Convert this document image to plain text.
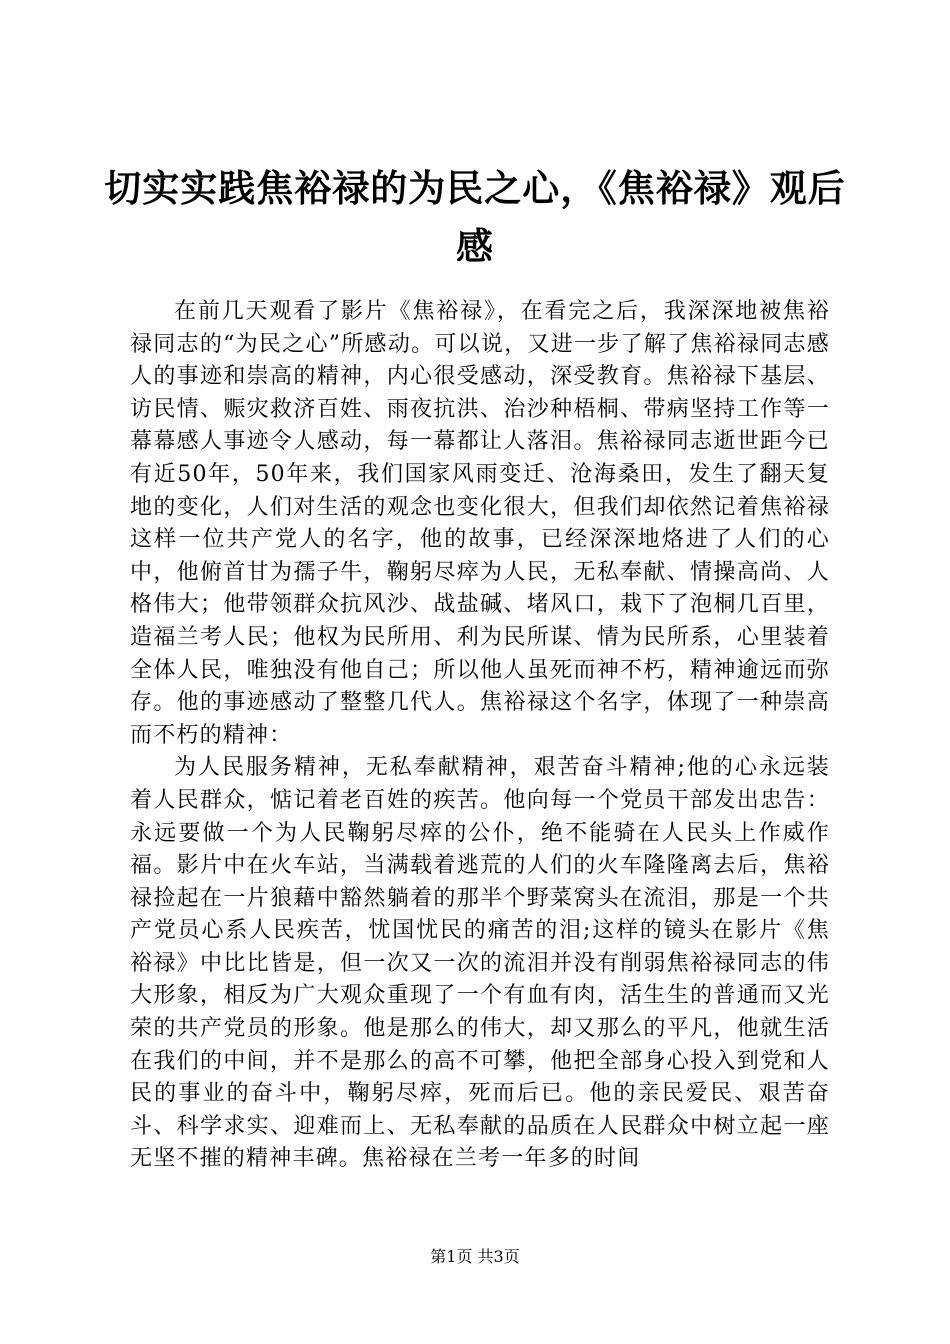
切实实践焦裕禄的为民之心，《焦裕禄》观后感

在前几天观看了影片《焦裕禄》，在看完之后，我深深地被焦裕禄同志的“为民之心”所感动。可以说，又进一步了解了焦裕禄同志感人的事迹和崇高的精神，内心很受感动，深受教育。焦裕禄下基层、访民情、赈灾救济百姓、雨夜抗洪、治沙种梧桐、带病坚持工作等一幕幕感人事迹令人感动，每一幕都让人落泪。焦裕禄同志逝世距今已有近50年，50年来，我们国家风雨变迁、沧海桑田，发生了翻天复地的变化，人们对生活的观念也变化很大，但我们却依然记着焦裕禄这样一位共产党人的名字，他的故事，已经深深地烙进了人们的心中，他俯首甘为孺子牛，鞠躬尽瘁为人民，无私奉献、情操高尚、人格伟大；他带领群众抗风沙、战盐碱、堵风口，栽下了泡桐几百里，造福兰考人民；他权为民所用、利为民所谋、情为民所系，心里装着全体人民，唯独没有他自己；所以他人虽死而神不朽，精神逾远而弥存。他的事迹感动了整整几代人。焦裕禄这个名字，体现了一种崇高而不朽的精神：

为人民服务精神，无私奉献精神，艰苦奋斗精神;他的心永远装着人民群众，惦记着老百姓的疾苦。他向每一个党员干部发出忠告：永远要做一个为人民鞠躬尽瘁的公仆，绝不能骑在人民头上作威作福。影片中在火车站，当满载着逃荒的人们的火车隆隆离去后，焦裕禄捡起在一片狼藉中豁然躺着的那半个野菜窝头在流泪，那是一个共产党员心系人民疾苦，忧国忧民的痛苦的泪;这样的镜头在影片《焦裕禄》中比比皆是，但一次又一次的流泪并没有削弱焦裕禄同志的伟大形象，相反为广大观众重现了一个有血有肉，活生生的普通而又光荣的共产党员的形象。他是那么的伟大，却又那么的平凡，他就生活在我们的中间，并不是那么的高不可攀，他把全部身心投入到党和人民的事业的奋斗中，鞠躬尽瘁，死而后已。他的亲民爱民、艰苦奋斗、科学求实、迎难而上、无私奉献的品质在人民群众中树立起一座无坚不摧的精神丰碑。焦裕禄在兰考一年多的时间

第1页 共3页
